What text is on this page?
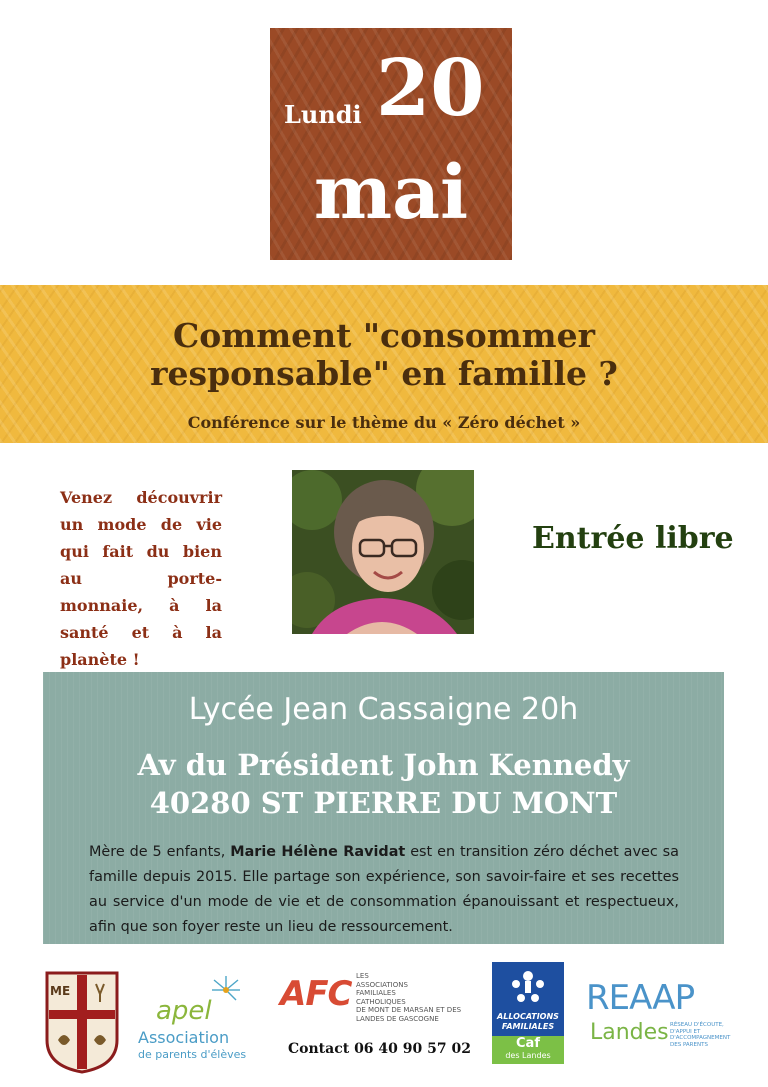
Lundi 20
mai
Comment "consommer
responsable" en famille ?
Conférence sur le thème du « Zéro déchet »
Venez découvrir un mode de vie qui fait du bien au porte-monnaie, à la santé et à la planète !
Entrée libre
Lycée Jean Cassaigne 20h
Av du Président John Kennedy
40280 ST PIERRE DU MONT
Mère de 5 enfants, Marie Hélène Ravidat est en transition zéro déchet avec sa famille depuis 2015. Elle partage son expérience, son savoir-faire et ses recettes au service d'un mode de vie et de consommation épanouissant et respectueux, afin que son foyer reste un lieu de ressourcement.
ME
apel
Association
de parents d'élèves
AFC LES
ASSOCIATIONS
FAMILIALES
CATHOLIQUES
DE MONT DE MARSAN ET DES
LANDES DE GASCOGNE
Contact 06 40 90 57 02
ALLOCATIONS
FAMILIALES
Caf
des Landes
REAAP
Landes RÉSEAU D'ÉCOUTE,
D'APPUI ET
D'ACCOMPAGNEMENT
DES PARENTS
